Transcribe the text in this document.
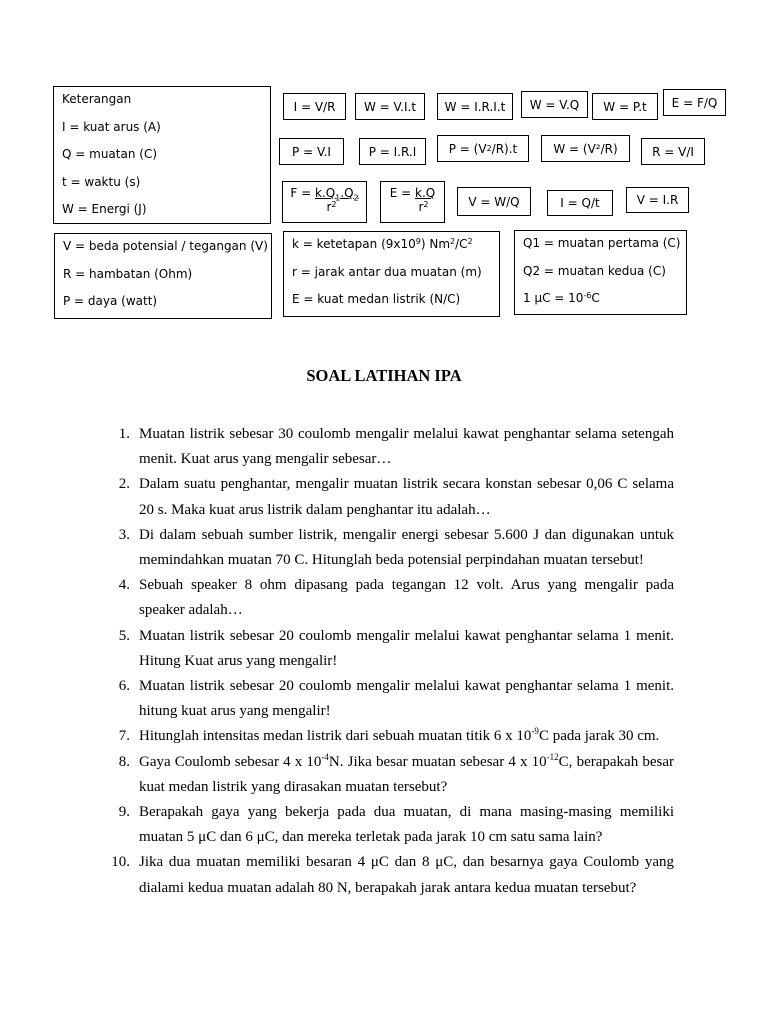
Keterangan
I = kuat arus (A)
Q = muatan (C)
t = waktu (s)
W = Energi (J)
V = beda potensial / tegangan (V)
R = hambatan (Ohm)
P = daya (watt)
k = ketetapan $(9x10^9)$ $Nm^2/C^2$
r = jarak antar dua muatan (m)
E = kuat medan listrik (N/C)
Q1 = muatan pertama (C)
Q2 = muatan kedua (C)
1 $\mu C = 10^{-6}C$
I = V/R	W = V.I.t	W = I.R.I.t	W = V.Q	W = P.t	E = F/Q
P = V.I	P = I.R.I	P = (V 2 /R).t	W = (V²/R)	R = V/I
$F = k.Q_1.Q_2$
$r^2$
E = k.Q
$r^2$	V = W/Q	I = Q/t	V = I.R
SOAL LATIHAN IPA
1. Muatan listrik sebesar 30 coulomb mengalir melalui kawat penghantar selama setengah menit. Kuat arus yang mengalir sebesar…
2. Dalam suatu penghantar, mengalir muatan listrik secara konstan sebesar 0,06 C selama 20 s. Maka kuat arus listrik dalam penghantar itu adalah…
3. Di dalam sebuah sumber listrik, mengalir energi sebesar 5.600 J dan digunakan untuk memindahkan muatan 70 C. Hitunglah beda potensial perpindahan muatan tersebut!
4. Sebuah speaker 8 ohm dipasang pada tegangan 12 volt. Arus yang mengalir pada speaker adalah…
5. Muatan listrik sebesar 20 coulomb mengalir melalui kawat penghantar selama 1 menit. Hitung Kuat arus yang mengalir!
6. Muatan listrik sebesar 20 coulomb mengalir melalui kawat penghantar selama 1 menit. hitung kuat arus yang mengalir!
7. Hitunglah intensitas medan listrik dari sebuah muatan titik 6 x $10^{-9}C$ pada jarak 30 cm.
8. Gaya Coulomb sebesar 4 x $10^{-4}N$. Jika besar muatan sebesar 4 x $10^{-12}C$, berapakah besar kuat medan listrik yang dirasakan muatan tersebut?
9. Berapakah gaya yang bekerja pada dua muatan, di mana masing-masing memiliki muatan 5 μC dan 6 μC, dan mereka terletak pada jarak 10 cm satu sama lain?
10. Jika dua muatan memiliki besaran 4 μC dan 8 μC, dan besarnya gaya Coulomb yang dialami kedua muatan adalah 80 N, berapakah jarak antara kedua muatan tersebut?
